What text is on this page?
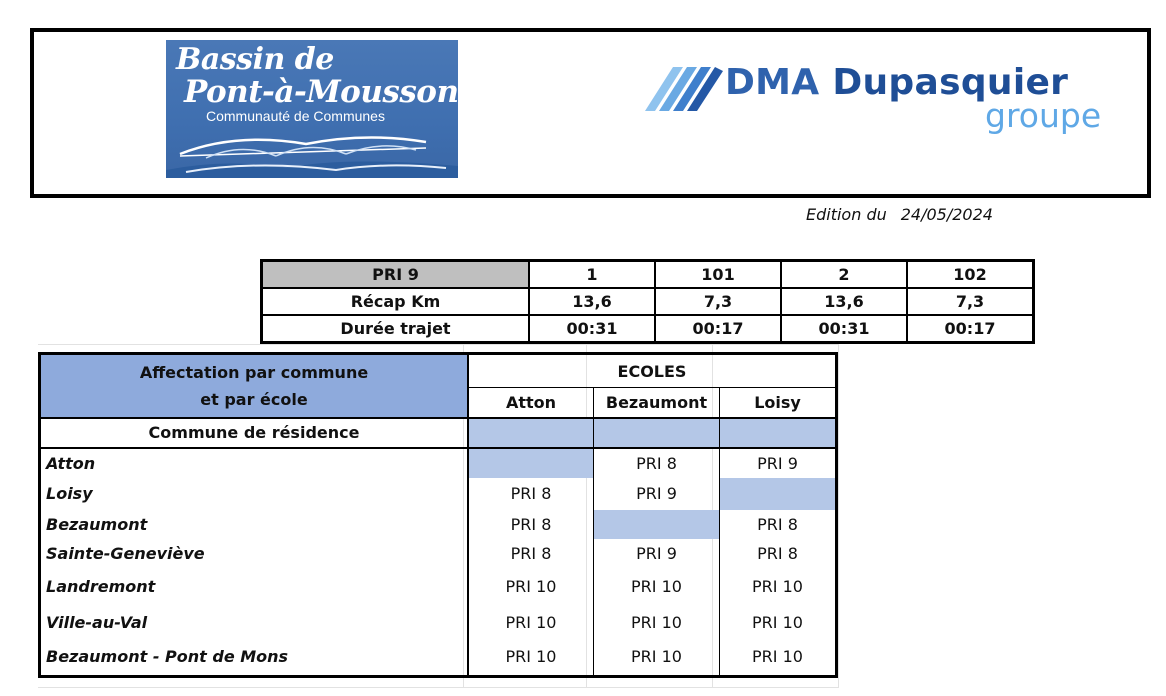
Bassin de
Pont-à-Mousson
Communauté de Communes
DMA Dupasquier
groupe
Edition du 24/05/2024
PRI 9	1	101	2	102
Récap Km	13,6	7,3	13,6	7,3
Durée trajet	00:31	00:17	00:31	00:17
Affectation par commune
et par école	ECOLES		
	Atton	Bezaumont	Loisy
Commune de résidence			
Atton		PRI 8	PRI 9
Loisy	PRI 8	PRI 9	
Bezaumont	PRI 8		PRI 8
Sainte-Geneviève	PRI 8	PRI 9	PRI 8
Landremont	PRI 10	PRI 10	PRI 10
Ville-au-Val	PRI 10	PRI 10	PRI 10
Bezaumont - Pont de Mons	PRI 10	PRI 10	PRI 10
